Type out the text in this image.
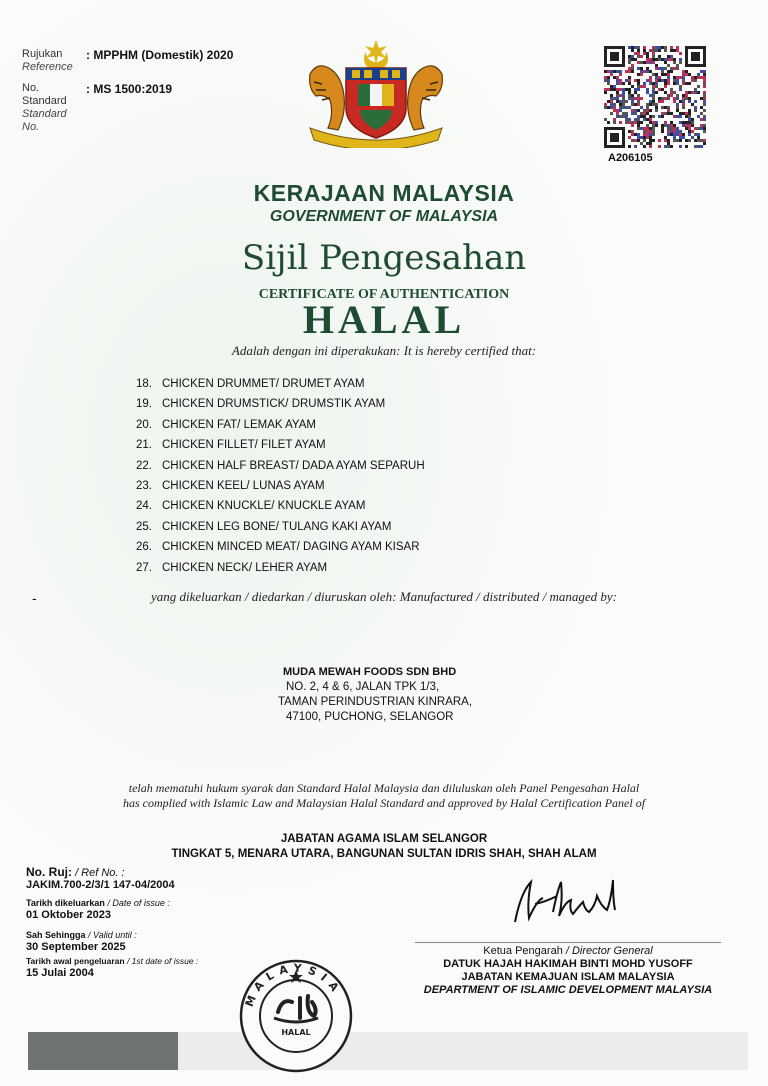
Rujukan
Reference
: MPPHM (Domestik) 2020
No. Standard
Standard No.
: MS 1500:2019
A206105
KERAJAAN MALAYSIA
GOVERNMENT OF MALAYSIA
Sijil Pengesahan
CERTIFICATE OF AUTHENTICATION
HALAL
Adalah dengan ini diperakukan: It is hereby certified that:
18. CHICKEN DRUMMET/ DRUMET AYAM
19. CHICKEN DRUMSTICK/ DRUMSTIK AYAM
20. CHICKEN FAT/ LEMAK AYAM
21. CHICKEN FILLET/ FILET AYAM
22. CHICKEN HALF BREAST/ DADA AYAM SEPARUH
23. CHICKEN KEEL/ LUNAS AYAM
24. CHICKEN KNUCKLE/ KNUCKLE AYAM
25. CHICKEN LEG BONE/ TULANG KAKI AYAM
26. CHICKEN MINCED MEAT/ DAGING AYAM KISAR
27. CHICKEN NECK/ LEHER AYAM
-	yang dikeluarkan / diedarkan / diuruskan oleh: Manufactured / distributed / managed by:
MUDA MEWAH FOODS SDN BHD
NO. 2, 4 & 6, JALAN TPK 1/3,
TAMAN PERINDUSTRIAN KINRARA,
47100, PUCHONG, SELANGOR
telah mematuhi hukum syarak dan Standard Halal Malaysia dan diluluskan oleh Panel Pengesahan Halal
has complied with Islamic Law and Malaysian Halal Standard and approved by Halal Certification Panel of
JABATAN AGAMA ISLAM SELANGOR
TINGKAT 5, MENARA UTARA, BANGUNAN SULTAN IDRIS SHAH, SHAH ALAM
No. Ruj: / Ref No. :
JAKIM.700-2/3/1 147-04/2004
Tarikh dikeluarkan / Date of issue :
01 Oktober 2023
Sah Sehingga / Valid until :
30 September 2025
Tarikh awal pengeluaran / 1st date of issue :
15 Julai 2004
Ketua Pengarah / Director General
DATUK HAJAH HAKIMAH BINTI MOHD YUSOFF
JABATAN KEMAJUAN ISLAM MALAYSIA
DEPARTMENT OF ISLAMIC DEVELOPMENT MALAYSIA
MALAYSIA
HALAL
